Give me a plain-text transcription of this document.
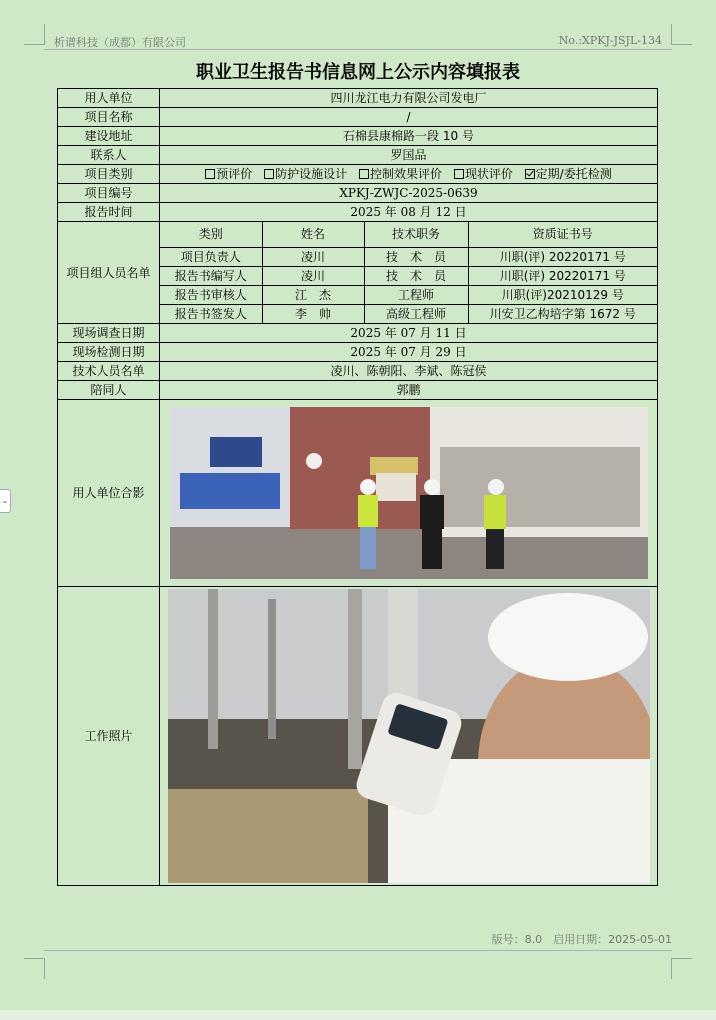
析谱科技（成都）有限公司	No.:XPKJ-JSJL-134
职业卫生报告书信息网上公示内容填报表
用人单位	四川龙江电力有限公司发电厂
项目名称	/
建设地址	石棉县康棉路一段 10 号
联系人	罗国品
项目类别	预评价 防护设施设计 控制效果评价 现状评价 定期/委托检测
项目编号	XPKJ-ZWJC-2025-0639
报告时间	2025 年 08 月 12 日
项目组人员名单	
类别	姓名	技术职务	资质证书号
项目负责人	凌川	技　术　员	川职(评) 20220171 号
报告书编写人	凌川	技　术　员	川职(评) 20220171 号
报告书审核人	江　杰	工程师	川职(评)20210129 号
报告书签发人	李　帅	高级工程师	川安卫乙构培字第 1672 号

现场调查日期	2025 年 07 月 11 日
现场检测日期	2025 年 07 月 29 日
技术人员名单	凌川、陈朝阳、李斌、陈冠侯
陪同人	郭鹏
用人单位合影	

工作照片	
版号：8.0　启用日期：2025-05-01
⌄
